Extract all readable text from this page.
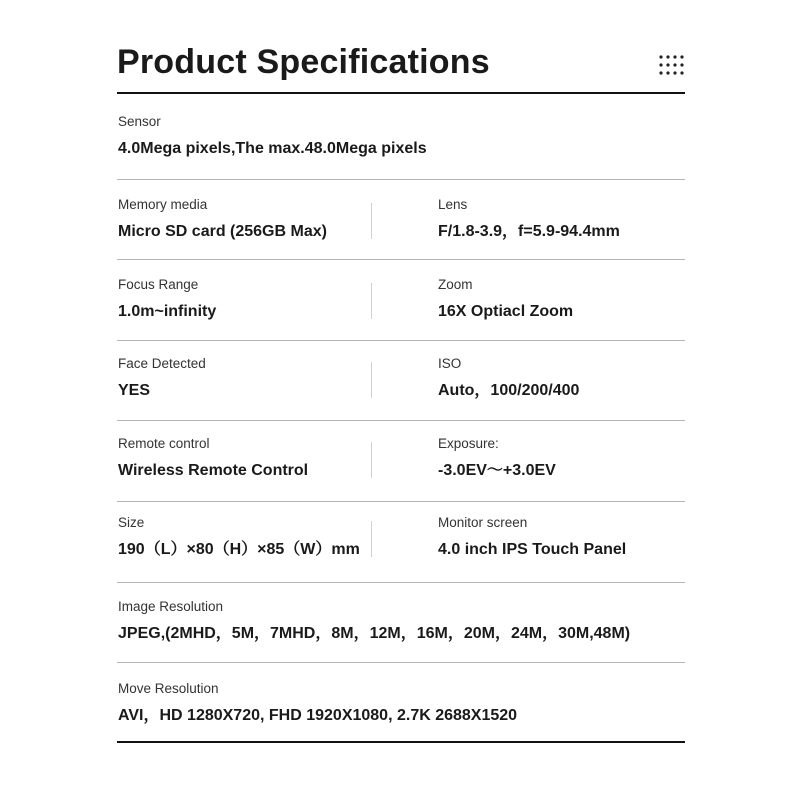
Product Specifications
Sensor
4.0Mega pixels,The max.48.0Mega pixels
Memory media
Micro SD card (256GB Max)
Lens
F/1.8-3.9，f=5.9-94.4mm
Focus Range
1.0m~infinity
Zoom
16X Optiacl Zoom
Face Detected
YES
ISO
Auto，100/200/400
Remote control
Wireless Remote Control
Exposure:
-3.0EV～+3.0EV
Size
190（L）×80（H）×85（W）mm
Monitor screen
4.0 inch IPS Touch Panel
Image Resolution
JPEG,(2MHD，5M，7MHD，8M，12M，16M，20M，24M，30M,48M)
Move Resolution
AVI，HD 1280X720, FHD 1920X1080, 2.7K 2688X1520
